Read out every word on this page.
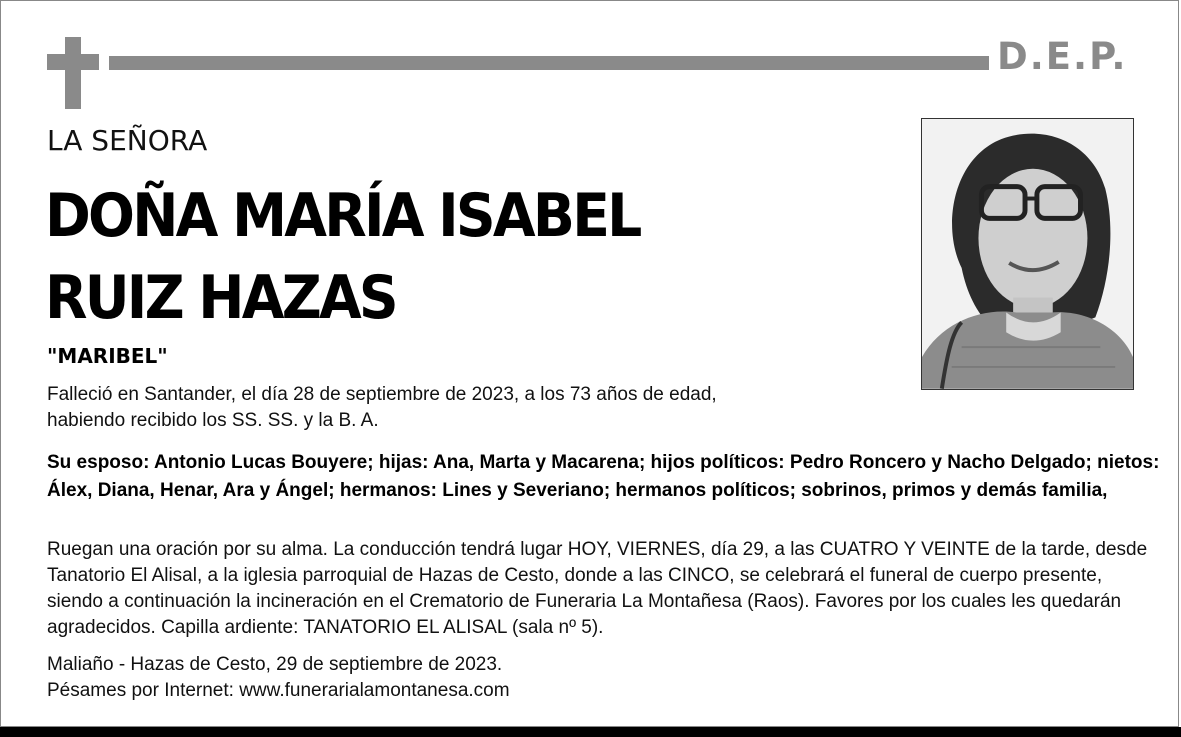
D.E.P.
LA SEÑORA
DOÑA MARÍA ISABEL
RUIZ HAZAS
"MARIBEL"
Falleció en Santander, el día 28 de septiembre de 2023, a los 73 años de edad,
habiendo recibido los SS. SS. y la B. A.
Su esposo: Antonio Lucas Bouyere; hijas: Ana, Marta y Macarena; hijos políticos: Pedro Roncero y Nacho Delgado; nietos: Álex, Diana, Henar, Ara y Ángel; hermanos: Lines y Severiano; hermanos políticos; sobrinos, primos y demás familia,
Ruegan una oración por su alma. La conducción tendrá lugar HOY, VIERNES, día 29, a las CUATRO Y VEINTE de la tarde, desde Tanatorio El Alisal, a la iglesia parroquial de Hazas de Cesto, donde a las CINCO, se celebrará el funeral de cuerpo presente, siendo a continuación la incineración en el Crematorio de Funeraria La Montañesa (Raos). Favores por los cuales les quedarán agradecidos. Capilla ardiente: TANATORIO EL ALISAL (sala nº 5).
Maliaño - Hazas de Cesto, 29 de septiembre de 2023.
Pésames por Internet: www.funerarialamontanesa.com
